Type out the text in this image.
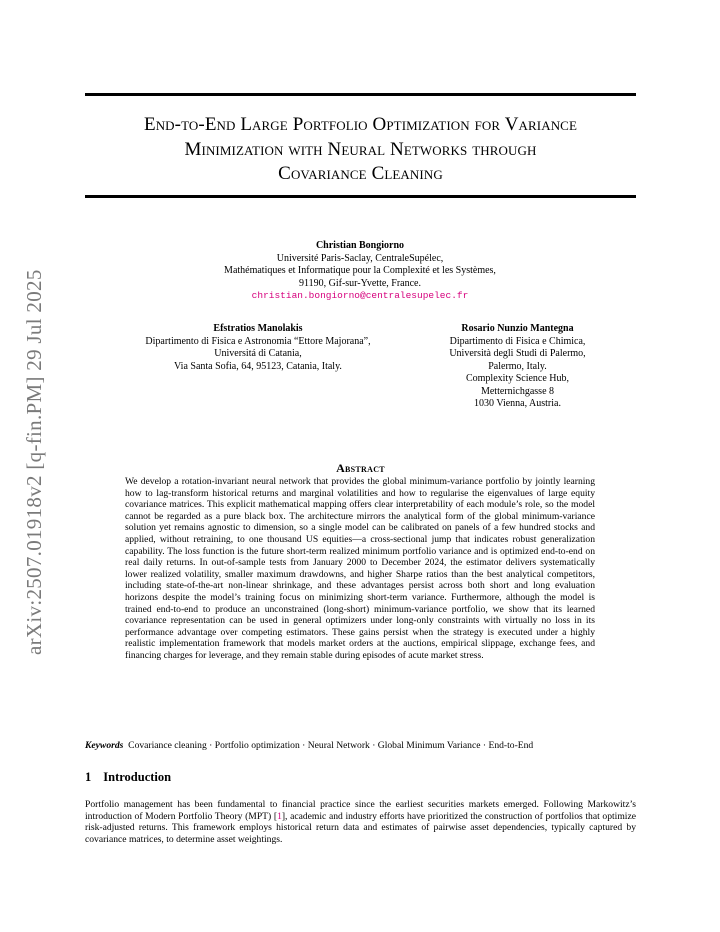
End-to-End Large Portfolio Optimization for Variance
Minimization with Neural Networks through
Covariance Cleaning
arXiv:2507.01918v2 [q-fin.PM] 29 Jul 2025
Christian Bongiorno
Université Paris-Saclay, CentraleSupélec,
Mathématiques et Informatique pour la Complexité et les Systèmes,
91190, Gif-sur-Yvette, France.
christian.bongiorno@centralesupelec.fr
Efstratios Manolakis
Dipartimento di Fisica e Astronomia “Ettore Majorana”,
Universitá di Catania,
Via Santa Sofia, 64, 95123, Catania, Italy.
Rosario Nunzio Mantegna
Dipartimento di Fisica e Chimica,
Università degli Studi di Palermo,
Palermo, Italy.
Complexity Science Hub,
Metternichgasse 8
1030 Vienna, Austria.
Abstract
We develop a rotation-invariant neural network that provides the global minimum-variance portfolio by jointly learning how to lag-transform historical returns and marginal volatilities and how to regularise the eigenvalues of large equity covariance matrices. This explicit mathematical mapping offers clear interpretability of each module’s role, so the model cannot be regarded as a pure black box. The architecture mirrors the analytical form of the global minimum-variance solution yet remains agnostic to dimension, so a single model can be calibrated on panels of a few hundred stocks and applied, without retraining, to one thousand US equities—a cross-sectional jump that indicates robust generalization capability. The loss function is the future short-term realized minimum portfolio variance and is optimized end-to-end on real daily returns. In out-of-sample tests from January 2000 to December 2024, the estimator delivers systematically lower realized volatility, smaller maximum drawdowns, and higher Sharpe ratios than the best analytical competitors, including state-of-the-art non-linear shrinkage, and these advantages persist across both short and long evaluation horizons despite the model’s training focus on minimizing short-term variance. Furthermore, although the model is trained end-to-end to produce an unconstrained (long-short) minimum-variance portfolio, we show that its learned covariance representation can be used in general optimizers under long-only constraints with virtually no loss in its performance advantage over competing estimators. These gains persist when the strategy is executed under a highly realistic implementation framework that models market orders at the auctions, empirical slippage, exchange fees, and financing charges for leverage, and they remain stable during episodes of acute market stress.
Keywords Covariance cleaning · Portfolio optimization · Neural Network · Global Minimum Variance · End-to-End
1 Introduction
Portfolio management has been fundamental to financial practice since the earliest securities markets emerged. Following Markowitz’s introduction of Modern Portfolio Theory (MPT) [1], academic and industry efforts have prioritized the construction of portfolios that optimize risk-adjusted returns. This framework employs historical return data and estimates of pairwise asset dependencies, typically captured by covariance matrices, to determine asset weightings.
